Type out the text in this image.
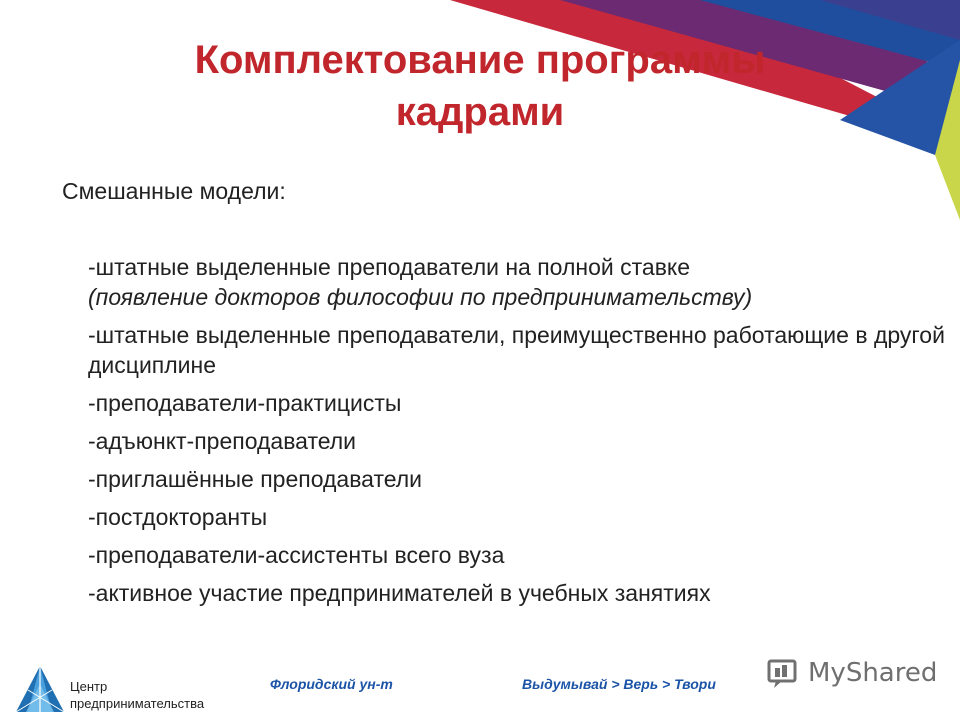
Комплектование программы
кадрами
Смешанные модели:
-штатные выделенные преподаватели на полной ставке
(появление докторов философии по предпринимательству)
-штатные выделенные преподаватели, преимущественно работающие в другой дисциплине
-преподаватели-практицисты
-адъюнкт-преподаватели
-приглашённые преподаватели
-постдокторанты
-преподаватели-ассистенты всего вуза
-активное участие предпринимателей в учебных занятиях
Центр
предпринимательства
Флоридский ун-т	Выдумывай > Верь > Твори	MyShared
